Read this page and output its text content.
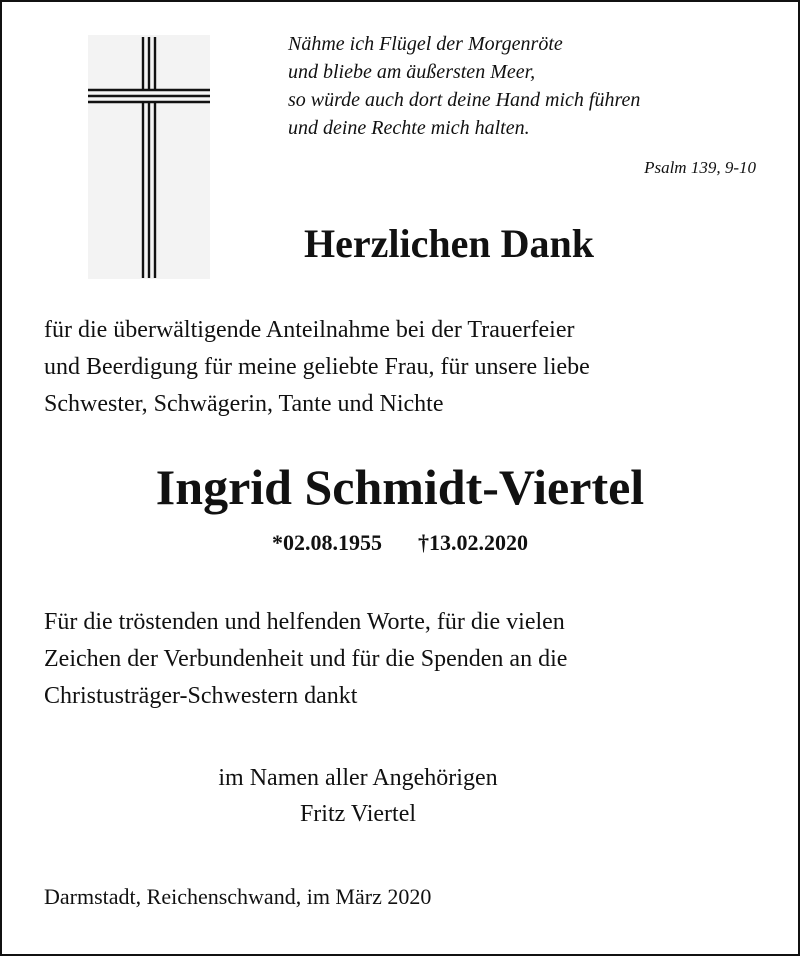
Nähme ich Flügel der Morgenröte
und bliebe am äußersten Meer,
so würde auch dort deine Hand mich führen
und deine Rechte mich halten.
Psalm 139, 9-10
Herzlichen Dank
für die überwältigende Anteilnahme bei der Trauerfeier
und Beerdigung für meine geliebte Frau, für unsere liebe
Schwester, Schwägerin, Tante und Nichte
Ingrid Schmidt-Viertel
*02.08.1955 †13.02.2020
Für die tröstenden und helfenden Worte, für die vielen
Zeichen der Verbundenheit und für die Spenden an die
Christusträger-Schwestern dankt
im Namen aller Angehörigen
Fritz Viertel
Darmstadt, Reichenschwand, im März 2020
